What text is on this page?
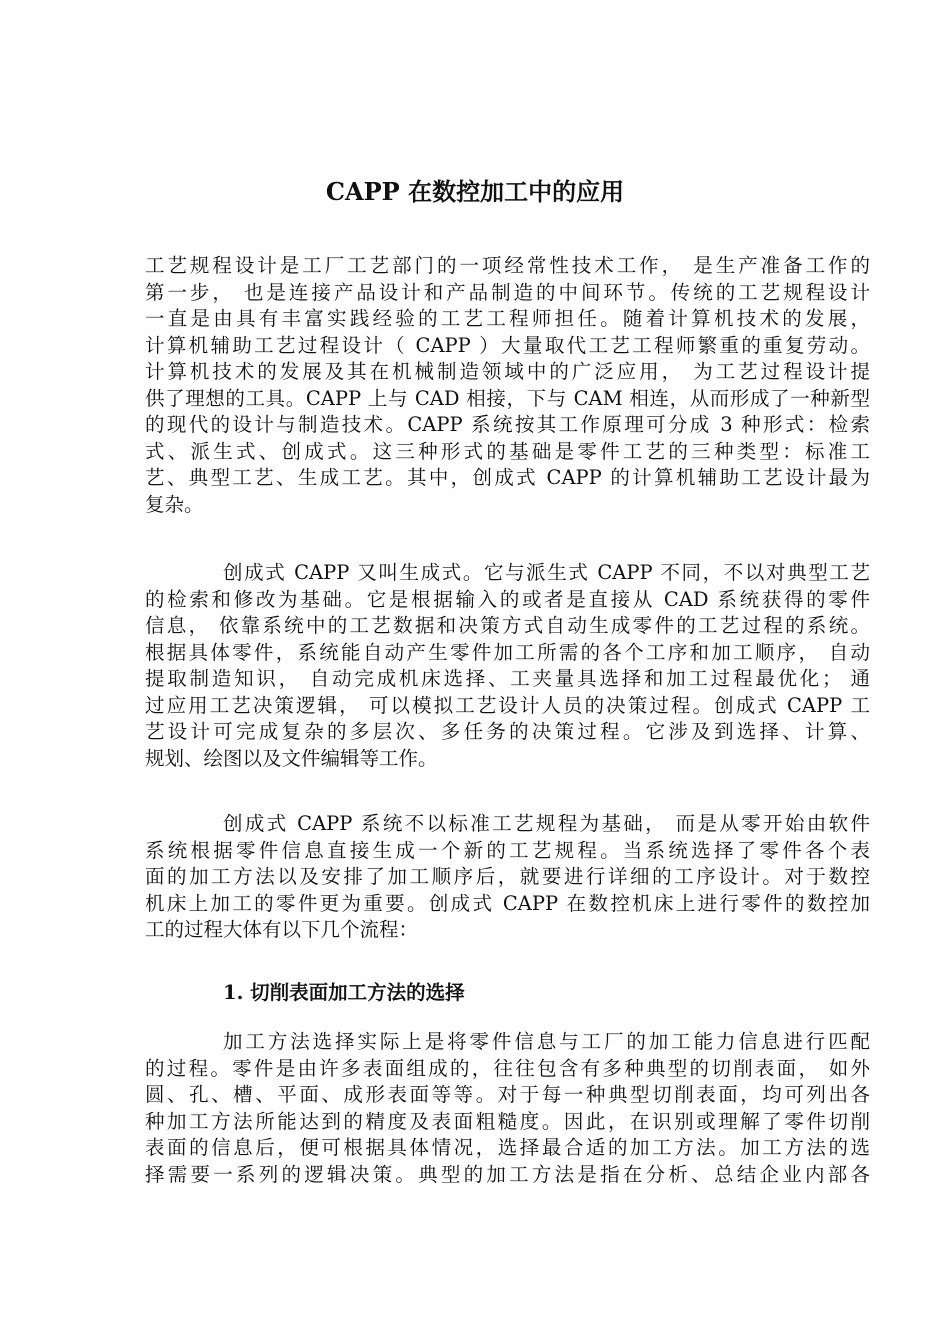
CAPP 在数控加工中的应用
工艺规程设计是工厂工艺部门的一项经常性技术工作， 是生产准备工作的
第一步， 也是连接产品设计和产品制造的中间环节。传统的工艺规程设计
一直是由具有丰富实践经验的工艺工程师担任。随着计算机技术的发展，
计算机辅助工艺过程设计（ CAPP ）大量取代工艺工程师繁重的重复劳动。
计算机技术的发展及其在机械制造领域中的广泛应用， 为工艺过程设计提
供了理想的工具。CAPP 上与 CAD 相接，下与 CAM 相连，从而形成了一种新型
的现代的设计与制造技术。CAPP 系统按其工作原理可分成 3 种形式：检索
式、派生式、创成式。这三种形式的基础是零件工艺的三种类型：标准工
艺、典型工艺、生成工艺。其中，创成式 CAPP 的计算机辅助工艺设计最为
复杂。
创成式 CAPP 又叫生成式。它与派生式 CAPP 不同，不以对典型工艺
的检索和修改为基础。它是根据输入的或者是直接从 CAD 系统获得的零件
信息， 依靠系统中的工艺数据和决策方式自动生成零件的工艺过程的系统。
根据具体零件，系统能自动产生零件加工所需的各个工序和加工顺序， 自动
提取制造知识， 自动完成机床选择、工夹量具选择和加工过程最优化； 通
过应用工艺决策逻辑， 可以模拟工艺设计人员的决策过程。创成式 CAPP 工
艺设计可完成复杂的多层次、多任务的决策过程。它涉及到选择、计算、
规划、绘图以及文件编辑等工作。
创成式 CAPP 系统不以标准工艺规程为基础， 而是从零开始由软件
系统根据零件信息直接生成一个新的工艺规程。当系统选择了零件各个表
面的加工方法以及安排了加工顺序后，就要进行详细的工序设计。对于数控
机床上加工的零件更为重要。创成式 CAPP 在数控机床上进行零件的数控加
工的过程大体有以下几个流程：
1. 切削表面加工方法的选择
加工方法选择实际上是将零件信息与工厂的加工能力信息进行匹配
的过程。零件是由许多表面组成的，往往包含有多种典型的切削表面， 如外
圆、孔、槽、平面、成形表面等等。对于每一种典型切削表面，均可列出各
种加工方法所能达到的精度及表面粗糙度。因此，在识别或理解了零件切削
表面的信息后，便可根据具体情况，选择最合适的加工方法。加工方法的选
择需要一系列的逻辑决策。典型的加工方法是指在分析、总结企业内部各
